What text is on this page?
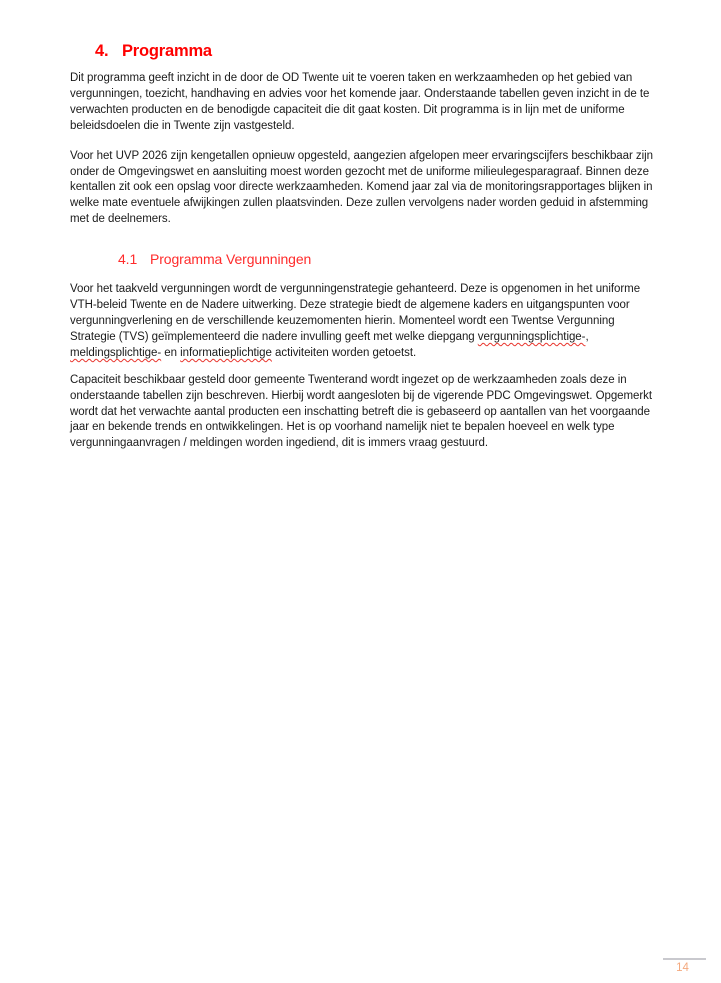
4. Programma

Dit programma geeft inzicht in de door de OD Twente uit te voeren taken en werkzaamheden op het gebied van vergunningen, toezicht, handhaving en advies voor het komende jaar. Onderstaande tabellen geven inzicht in de te verwachten producten en de benodigde capaciteit die dit gaat kosten. Dit programma is in lijn met de uniforme beleidsdoelen die in Twente zijn vastgesteld.

Voor het UVP 2026 zijn kengetallen opnieuw opgesteld, aangezien afgelopen meer ervaringscijfers beschikbaar zijn onder de Omgevingswet en aansluiting moest worden gezocht met de uniforme milieulegesparagraaf. Binnen deze kentallen zit ook een opslag voor directe werkzaamheden. Komend jaar zal via de monitoringsrapportages blijken in welke mate eventuele afwijkingen zullen plaatsvinden. Deze zullen vervolgens nader worden geduid in afstemming met de deelnemers.

4.1 Programma Vergunningen

Voor het taakveld vergunningen wordt de vergunningenstrategie gehanteerd. Deze is opgenomen in het uniforme VTH-beleid Twente en de Nadere uitwerking. Deze strategie biedt de algemene kaders en uitgangspunten voor vergunningverlening en de verschillende keuzemomenten hierin. Momenteel wordt een Twentse Vergunning Strategie (TVS) geïmplementeerd die nadere invulling geeft met welke diepgang vergunningsplichtige-, meldingsplichtige- en informatieplichtige activiteiten worden getoetst.

Capaciteit beschikbaar gesteld door gemeente Twenterand wordt ingezet op de werkzaamheden zoals deze in onderstaande tabellen zijn beschreven. Hierbij wordt aangesloten bij de vigerende PDC Omgevingswet. Opgemerkt wordt dat het verwachte aantal producten een inschatting betreft die is gebaseerd op aantallen van het voorgaande jaar en bekende trends en ontwikkelingen. Het is op voorhand namelijk niet te bepalen hoeveel en welk type vergunningaanvragen / meldingen worden ingediend, dit is immers vraag gestuurd.

14
